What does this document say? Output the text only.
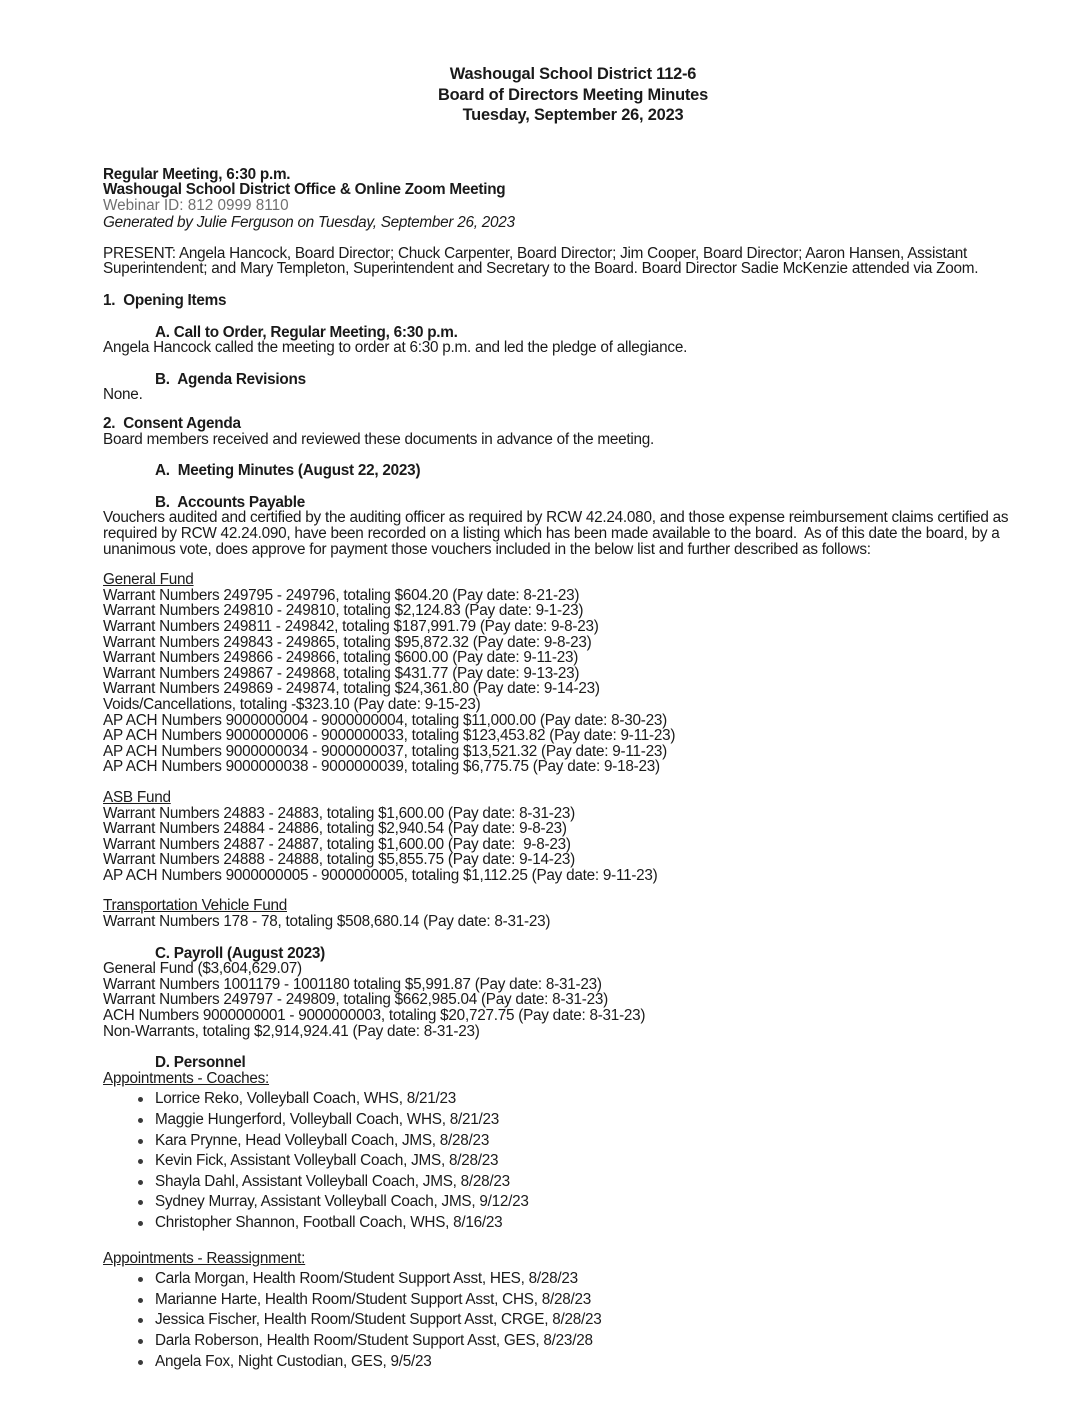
Washougal School District 112-6
Board of Directors Meeting Minutes
Tuesday, September 26, 2023
Regular Meeting, 6:30 p.m.
Washougal School District Office & Online Zoom Meeting
Webinar ID: 812 0999 8110
Generated by Julie Ferguson on Tuesday, September 26, 2023

PRESENT: Angela Hancock, Board Director; Chuck Carpenter, Board Director; Jim Cooper, Board Director; Aaron Hansen, Assistant Superintendent; and Mary Templeton, Superintendent and Secretary to the Board. Board Director Sadie McKenzie attended via Zoom.

1.  Opening Items
A. Call to Order, Regular Meeting, 6:30 p.m.
Angela Hancock called the meeting to order at 6:30 p.m. and led the pledge of allegiance.
B.  Agenda Revisions
None.
2.  Consent Agenda
Board members received and reviewed these documents in advance of the meeting.
A.  Meeting Minutes (August 22, 2023)
B.  Accounts Payable
Vouchers audited and certified by the auditing officer as required by RCW 42.24.080, and those expense reimbursement claims certified as required by RCW 42.24.090, have been recorded on a listing which has been made available to the board.  As of this date the board, by a unanimous vote, does approve for payment those vouchers included in the below list and further described as follows:
General Fund
Warrant Numbers 249795 - 249796, totaling $604.20 (Pay date: 8-21-23)
Warrant Numbers 249810 - 249810, totaling $2,124.83 (Pay date: 9-1-23)
Warrant Numbers 249811 - 249842, totaling $187,991.79 (Pay date: 9-8-23)
Warrant Numbers 249843 - 249865, totaling $95,872.32 (Pay date: 9-8-23)
Warrant Numbers 249866 - 249866, totaling $600.00 (Pay date: 9-11-23)
Warrant Numbers 249867 - 249868, totaling $431.77 (Pay date: 9-13-23)
Warrant Numbers 249869 - 249874, totaling $24,361.80 (Pay date: 9-14-23)
Voids/Cancellations, totaling -$323.10 (Pay date: 9-15-23)
AP ACH Numbers 9000000004 - 9000000004, totaling $11,000.00 (Pay date: 8-30-23)
AP ACH Numbers 9000000006 - 9000000033, totaling $123,453.82 (Pay date: 9-11-23)
AP ACH Numbers 9000000034 - 9000000037, totaling $13,521.32 (Pay date: 9-11-23)
AP ACH Numbers 9000000038 - 9000000039, totaling $6,775.75 (Pay date: 9-18-23)
ASB Fund
Warrant Numbers 24883 - 24883, totaling $1,600.00 (Pay date: 8-31-23)
Warrant Numbers 24884 - 24886, totaling $2,940.54 (Pay date: 9-8-23)
Warrant Numbers 24887 - 24887, totaling $1,600.00 (Pay date:  9-8-23)
Warrant Numbers 24888 - 24888, totaling $5,855.75 (Pay date: 9-14-23)
AP ACH Numbers 9000000005 - 9000000005, totaling $1,112.25 (Pay date: 9-11-23)
Transportation Vehicle Fund
Warrant Numbers 178 - 78, totaling $508,680.14 (Pay date: 8-31-23)
C. Payroll (August 2023)
General Fund ($3,604,629.07)
Warrant Numbers 1001179 - 1001180 totaling $5,991.87 (Pay date: 8-31-23)
Warrant Numbers 249797 - 249809, totaling $662,985.04 (Pay date: 8-31-23)
ACH Numbers 9000000001 - 9000000003, totaling $20,727.75 (Pay date: 8-31-23)
Non-Warrants, totaling $2,914,924.41 (Pay date: 8-31-23)
D. Personnel
Appointments - Coaches:
Lorrice Reko, Volleyball Coach, WHS, 8/21/23
Maggie Hungerford, Volleyball Coach, WHS, 8/21/23
Kara Prynne, Head Volleyball Coach, JMS, 8/28/23
Kevin Fick, Assistant Volleyball Coach, JMS, 8/28/23
Shayla Dahl, Assistant Volleyball Coach, JMS, 8/28/23
Sydney Murray, Assistant Volleyball Coach, JMS, 9/12/23
Christopher Shannon, Football Coach, WHS, 8/16/23
Appointments - Reassignment:
Carla Morgan, Health Room/Student Support Asst, HES, 8/28/23
Marianne Harte, Health Room/Student Support Asst, CHS, 8/28/23
Jessica Fischer, Health Room/Student Support Asst, CRGE, 8/28/23
Darla Roberson, Health Room/Student Support Asst, GES, 8/23/28
Angela Fox, Night Custodian, GES, 9/5/23
